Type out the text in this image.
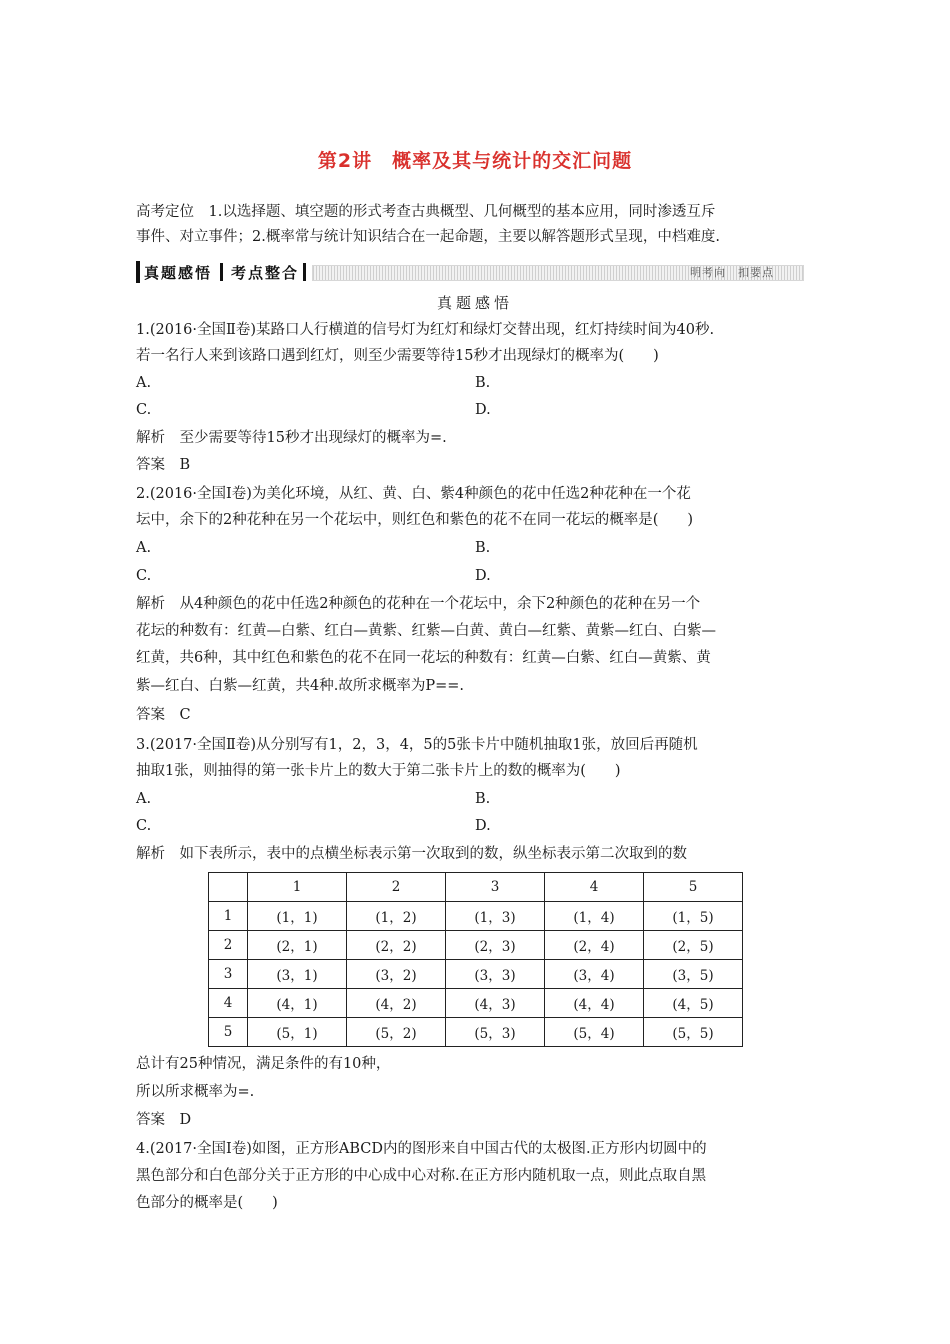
第2讲　概率及其与统计的交汇问题
高考定位　1.以选择题、填空题的形式考查古典概型、几何概型的基本应用，同时渗透互斥
事件、对立事件；2.概率常与统计知识结合在一起命题，主要以解答题形式呈现，中档难度.
真题感悟 考点整合	明考向　扣要点
真题感悟
1.(2016·全国Ⅱ卷)某路口人行横道的信号灯为红灯和绿灯交替出现，红灯持续时间为40秒.
若一名行人来到该路口遇到红灯，则至少需要等待15秒才出现绿灯的概率为(　　)
A.	B.
C.	D.
解析　至少需要等待15秒才出现绿灯的概率为=.
答案　B
2.(2016·全国Ⅰ卷)为美化环境，从红、黄、白、紫4种颜色的花中任选2种花种在一个花
坛中，余下的2种花种在另一个花坛中，则红色和紫色的花不在同一花坛的概率是(　　)
A.	B.
C.	D.
解析　从4种颜色的花中任选2种颜色的花种在一个花坛中，余下2种颜色的花种在另一个
花坛的种数有：红黄—白紫、红白—黄紫、红紫—白黄、黄白—红紫、黄紫—红白、白紫—
红黄，共6种，其中红色和紫色的花不在同一花坛的种数有：红黄—白紫、红白—黄紫、黄
紫—红白、白紫—红黄，共4种.故所求概率为P==.
答案　C
3.(2017·全国Ⅱ卷)从分别写有1，2，3，4，5的5张卡片中随机抽取1张，放回后再随机
抽取1张，则抽得的第一张卡片上的数大于第二张卡片上的数的概率为(　　)
A.	B.
C.	D.
解析　如下表所示，表中的点横坐标表示第一次取到的数，纵坐标表示第二次取到的数
	1	2	3	4	5
1	(1，1)	(1，2)	(1，3)	(1，4)	(1，5)
2	(2，1)	(2，2)	(2，3)	(2，4)	(2，5)
3	(3，1)	(3，2)	(3，3)	(3，4)	(3，5)
4	(4，1)	(4，2)	(4，3)	(4，4)	(4，5)
5	(5，1)	(5，2)	(5，3)	(5，4)	(5，5)
总计有25种情况，满足条件的有10种，
所以所求概率为=.
答案　D
4.(2017·全国Ⅰ卷)如图，正方形ABCD内的图形来自中国古代的太极图.正方形内切圆中的
黑色部分和白色部分关于正方形的中心成中心对称.在正方形内随机取一点，则此点取自黑
色部分的概率是(　　)
